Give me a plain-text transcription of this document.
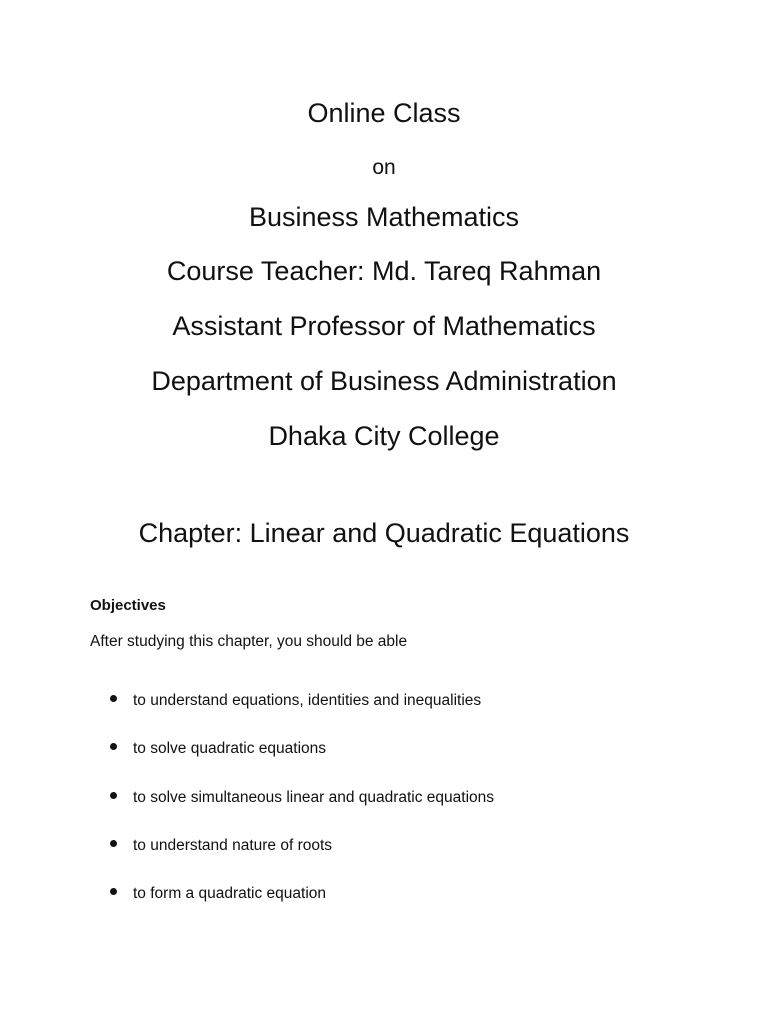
Online Class
on
Business Mathematics
Course Teacher: Md. Tareq Rahman
Assistant Professor of Mathematics
Department of Business Administration
Dhaka City College
Chapter: Linear and Quadratic Equations
Objectives
After studying this chapter, you should be able
to understand equations, identities and inequalities
to solve quadratic equations
to solve simultaneous linear and quadratic equations
to understand nature of roots
to form a quadratic equation
